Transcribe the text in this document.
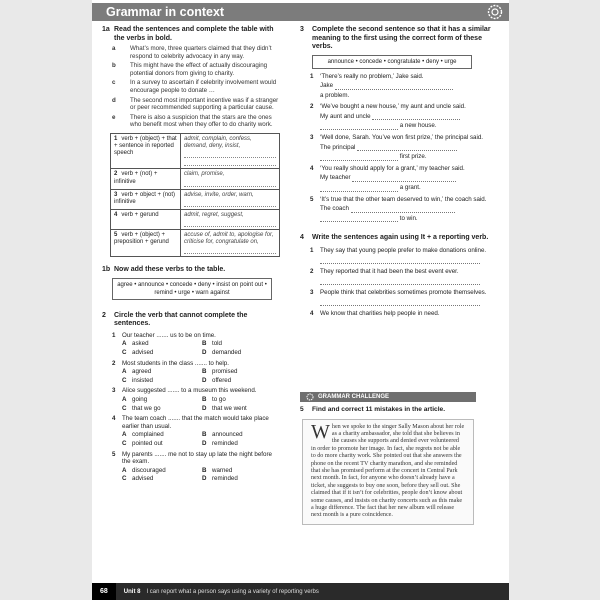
Grammar in context
1a Read the sentences and complete the table with the verbs in bold.
a	What’s more, three quarters claimed that they didn’t respond to celebrity advocacy in any way.
b	This might have the effect of actually discouraging potential donors from giving to charity.
c	In a survey to ascertain if celebrity involvement would encourage people to donate …
d	The second most important incentive was if a stranger or peer recommended supporting a particular cause.
e	There is also a suspicion that the stars are the ones who benefit most when they offer to do charity work.
1 verb + (object) + that + sentence in reported speech	admit, complain, confess, demand, deny, insist,

2 verb + (not) + infinitive	claim, promise,

3 verb + object + (not) infinitive	advise, invite, order, warn,

4 verb + gerund	admit, regret, suggest,

5 verb + (object) + preposition + gerund	accuse of, admit to, apologise for, criticise for, congratulate on,
1b Now add these verbs to the table.
agree • announce • concede • deny • insist on point out • remind • urge • warn against
2	Circle the verb that cannot complete the sentences.
1	Our teacher ....... us to be on time.
A asked	B told
C advised	D demanded
2	Most students in the class ....... to help.
A agreed	B promised
C insisted	D offered
3	Alice suggested ....... to a museum this weekend.
A going	B to go
C that we go	D that we went
4	The team coach ....... that the match would take place earlier than usual.
A complained	B announced
C pointed out	D reminded
5	My parents ....... me not to stay up late the night before the exam.
A discouraged	B warned
C advised	D reminded
3	Complete the second sentence so that it has a similar meaning to the first using the correct form of these verbs.
announce • concede • congratulate • deny • urge
1 ‘There’s really no problem,’ Jake said.
Jake
a problem.
2 ‘We’ve bought a new house,’ my aunt and uncle said.
My aunt and uncle
a new house.
3 ‘Well done, Sarah. You’ve won first prize,’ the principal said.
The principal
first prize.
4 ‘You really should apply for a grant,’ my teacher said.
My teacher
a grant.
5 ‘It’s true that the other team deserved to win,’ the coach said.
The coach
to win.
4	Write the sentences again using It + a reporting verb.
1	They say that young people prefer to make donations online.
2	They reported that it had been the best event ever.
3	People think that celebrities sometimes promote themselves.
4	We know that charities help people in need.
GRAMMAR CHALLENGE
5	Find and correct 11 mistakes in the article.
When we spoke to the singer Sally Mason about her role as a charity ambassador, she told that she believes in the causes she supports and denied ever volunteered in order to promote her image. In fact, she regrets not be able to do more charity work. She pointed out that she answers the phone on the recent TV charity marathon, and she reminded that she has promised perform at the concert in Central Park next month. In fact, for anyone who doesn’t already have a ticket, she suggests to buy one soon, before they sell out. She claimed that if it isn’t for celebrities, people don’t know about some causes, and insists on charity concerts such as this make a huge difference. The fact that her new album will release next month is a pure coincidence.
68	Unit 8 I can report what a person says using a variety of reporting verbs
